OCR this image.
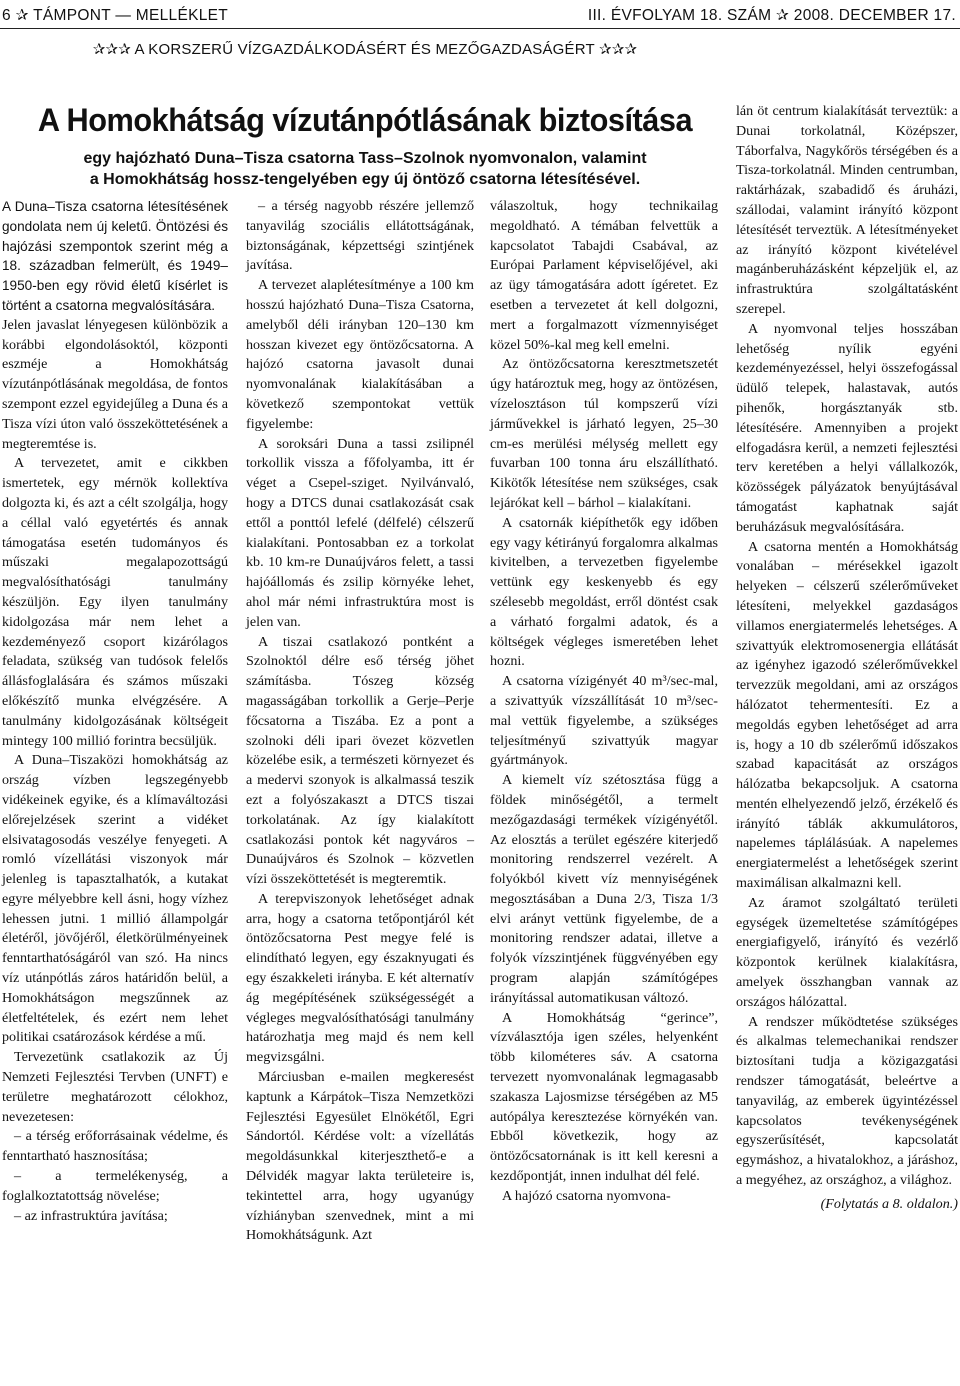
6 ✰ TÁMPONT — MELLÉKLET	III. ÉVFOLYAM 18. SZÁM ✰ 2008. DECEMBER 17.
✰✰✰ A KORSZERŰ VÍZGAZDÁLKODÁSÉRT ÉS MEZŐGAZDASÁGÉRT ✰✰✰
A Homokhátság vízutánpótlásának biztosítása
egy hajózható Duna–Tisza csatorna Tass–Szolnok nyomvonalon, valamint
a Homokhátság hossz-tengelyében egy új öntöző csatorna létesítésével.

A Duna–Tisza csatorna létesítésének gondolata nem új keletű. Öntözési és hajózási szempontok szerint még a 18. században felmerült, és 1949–1950-ben egy rövid életű kísérlet is történt a csatorna megvalósítására.

Jelen javaslat lényegesen különbözik a korábbi elgondolásoktól, központi eszméje a Homokhátság vízutánpótlásának megoldása, de fontos szempont ezzel egyidejűleg a Duna és a Tisza vízi úton való összeköttetésének a megteremtése is.

A tervezetet, amit e cikkben ismertetek, egy mérnök kollektíva dolgozta ki, és azt a célt szolgálja, hogy a céllal való egyetértés és annak támogatása esetén tudományos és műszaki megalapozottságú megvalósíthatósági tanulmány készüljön. Egy ilyen tanulmány kidolgozása már nem lehet a kezdeményező csoport kizárólagos feladata, szükség van tudósok felelős állásfoglalására és számos műszaki előkészítő munka elvégzésére. A tanulmány kidolgozásának költségeit mintegy 100 millió forintra becsüljük.

A Duna–Tiszaközi homokhátság az ország vízben legszegényebb vidékeinek egyike, és a klímaváltozási előrejelzések szerint a vidéket elsivatagosodás veszélye fenyegeti. A romló vízellátási viszonyok már jelenleg is tapasztalhatók, a kutakat egyre mélyebbre kell ásni, hogy vízhez lehessen jutni. 1 millió állampolgár életéről, jövőjéről, életkörülményeinek fenntarthatóságáról van szó. Ha nincs víz utánpótlás záros határidőn belül, a Homokhátságon megszűnnek az életfeltételek, és ezért nem lehet politikai csatározások kérdése a mű.

Tervezetünk csatlakozik az Új Nemzeti Fejlesztési Tervben (UNFT) e területre meghatározott célokhoz, nevezetesen:

– a térség erőforrásainak védelme, és fenntartható hasznosítása;

– a termelékenység, a foglalkoztatottság növelése;

– az infrastruktúra javítása;

– a térség nagyobb részére jellemző tanyavilág szociális ellátottságának, biztonságának, képzettségi szintjének javítása.

A tervezet alaplétesítménye a 100 km hosszú hajózható Duna–Tisza Csatorna, amelyből déli irányban 120–130 km hosszan kivezet egy öntözőcsatorna. A hajózó csatorna javasolt dunai nyomvonalának kialakításában a következő szempontokat vettük figyelembe:

A soroksári Duna a tassi zsilipnél torkollik vissza a főfolyamba, itt ér véget a Csepel-sziget. Nyilvánvaló, hogy a DTCS dunai csatlakozását csak ettől a ponttól lefelé (délfelé) célszerű kialakítani. Pontosabban ez a torkolat kb. 10 km-re Dunaújváros felett, a tassi hajóállomás és zsilip környéke lehet, ahol már némi infrastruktúra most is jelen van.

A tiszai csatlakozó pontként a Szolnoktól délre eső térség jöhet számításba. Tószeg község magasságában torkollik a Gerje–Perje főcsatorna a Tiszába. Ez a pont a szolnoki déli ipari övezet közvetlen közelébe esik, a természeti környezet és a medervi szonyok is alkalmassá teszik ezt a folyószakaszt a DTCS tiszai torkolatának. Az így kialakított csatlakozási pontok két nagyváros – Dunaújváros és Szolnok – közvetlen vízi összeköttetését is megteremtik.

A terepviszonyok lehetőséget adnak arra, hogy a csatorna tetőpontjáról két öntözőcsatorna Pest megye felé is elindítható legyen, egy északnyugati és egy északkeleti irányba. E két alternatív ág megépítésének szükségességét a végleges megvalósíthatósági tanulmány határozhatja meg majd és nem kell megvizsgálni.

Márciusban e-mailen megkeresést kaptunk a Kárpátok–Tisza Nemzetközi Fejlesztési Egyesület Elnökétől, Egri Sándortól. Kérdése volt: a vízellátás megoldásunkkal kiterjeszthető-e a Délvidék magyar lakta területeire is, tekintettel arra, hogy ugyanúgy vízhiányban szenvednek, mint a mi Homokhátságunk. Azt

válaszoltuk, hogy technikailag megoldható. A témában felvettük a kapcsolatot Tabajdi Csabával, az Európai Parlament képviselőjével, aki az ügy támogatására adott ígéretet. Ez esetben a tervezetet át kell dolgozni, mert a forgalmazott vízmennyiséget közel 50%-kal meg kell emelni.

Az öntözőcsatorna keresztmetszetét úgy határoztuk meg, hogy az öntözésen, vízelosztáson túl kompszerű vízi járművekkel is járható legyen, 25–30 cm-es merülési mélység mellett egy fuvarban 100 tonna áru elszállítható. Kikötők létesítése nem szükséges, csak lejárókat kell – bárhol – kialakítani.

A csatornák kiépíthetők egy időben egy vagy kétirányú forgalomra alkalmas kivitelben, a tervezetben figyelembe vettünk egy keskenyebb és egy szélesebb megoldást, erről döntést csak a várható forgalmi adatok, és a költségek végleges ismeretében lehet hozni.

A csatorna vízigényét 40 m³/sec-mal, a szivattyúk vízszállítását 10 m³/sec-mal vettük figyelembe, a szükséges teljesítményű szivattyúk magyar gyártmányok.

A kiemelt víz szétosztása függ a földek minőségétől, a termelt mezőgazdasági termékek vízigényétől. Az elosztás a terület egészére kiterjedő monitoring rendszerrel vezérelt. A folyókból kivett víz mennyiségének megosztásában a Duna 2/3, Tisza 1/3 elvi arányt vettünk figyelembe, de a monitoring rendszer adatai, illetve a folyók vízszintjének függvényében egy program alapján számítógépes irányítással automatikusan változó.

A Homokhátság “gerince”, vízválasztója igen széles, helyenként több kilométeres sáv. A csatorna tervezett nyomvonalának legmagasabb szakasza Lajosmizse térségében az M5 autópálya keresztezése környékén van. Ebből következik, hogy az öntözőcsatornának is itt kell keresni a kezdőpontját, innen indulhat dél felé.

A hajózó csatorna nyomvona-

lán öt centrum kialakítását terveztük: a Dunai torkolatnál, Középszer, Táborfalva, Nagykőrös térségében és a Tisza-torkolatnál. Minden centrumban, raktárházak, szabadidő és áruházi, szállodai, valamint irányító központ létesítését terveztük. A létesítményeket az irányító központ kivételével magánberuházásként képzeljük el, az infrastruktúra szolgáltatásként szerepel.

A nyomvonal teljes hosszában lehetőség nyílik egyéni kezdeményezéssel, helyi összefogással üdülő telepek, halastavak, autós pihenők, horgásztanyák stb. létesítésére. Amennyiben a projekt elfogadásra kerül, a nemzeti fejlesztési terv keretében a helyi vállalkozók, közösségek pályázatok benyújtásával támogatást kaphatnak saját beruházásuk megvalósítására.

A csatorna mentén a Homokhátság vonalában – mérésekkel igazolt helyeken – célszerű szélerőműveket létesíteni, melyekkel gazdaságos villamos energiatermelés lehetséges. A szivattyúk elektromosenergia ellátását az igényhez igazodó szélerőművekkel tervezzük megoldani, ami az országos hálózatot tehermentesíti. Ez a megoldás egyben lehetőséget ad arra is, hogy a 10 db szélerőmű időszakos szabad kapacitását az országos hálózatba bekapcsoljuk. A csatorna mentén elhelyezendő jelző, érzékelő és irányító táblák akkumulátoros, napelemes táplálásúak. A napelemes energiatermelést a lehetőségek szerint maximálisan alkalmazni kell.

Az áramot szolgáltató területi egységek üzemeltetése számítógépes energiafigyelő, irányító és vezérlő központok kerülnek kialakításra, amelyek összhangban vannak az országos hálózattal.

A rendszer működtetése szükséges és alkalmas telemechanikai rendszer biztosítani tudja a közigazgatási rendszer támogatását, beleértve a tanyavilág, az emberek ügyintézéssel kapcsolatos tevékenységének egyszerűsítését, kapcsolatát egymáshoz, a hivatalokhoz, a járáshoz, a megyéhez, az országhoz, a világhoz.

(Folytatás a 8. oldalon.)
